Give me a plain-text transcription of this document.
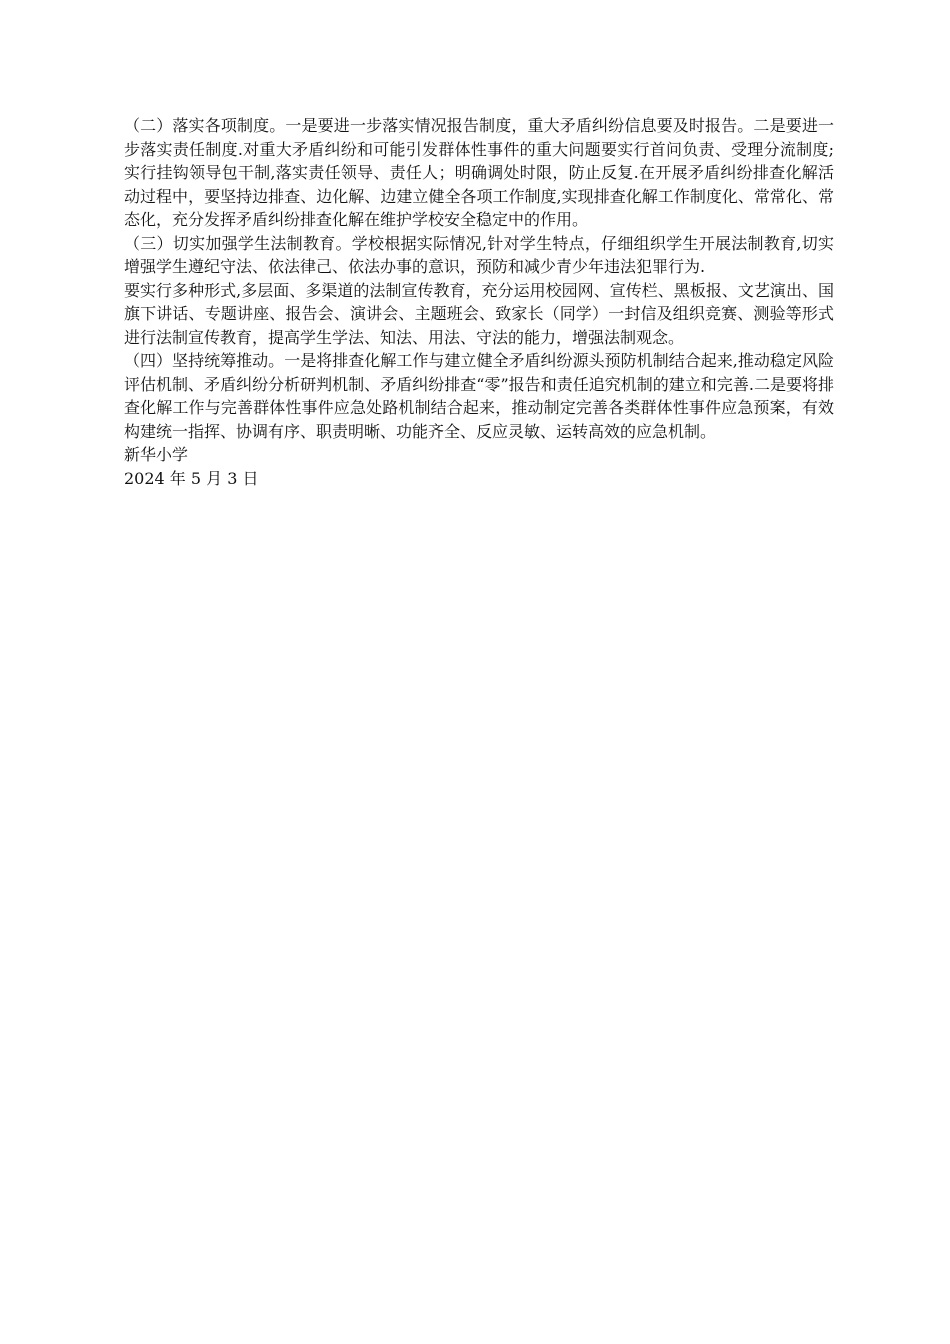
（二）落实各项制度。一是要进一步落实情况报告制度，重大矛盾纠纷信息要及时报告。二是要进一步落实责任制度.对重大矛盾纠纷和可能引发群体性事件的重大问题要实行首问负责、受理分流制度;实行挂钩领导包干制,落实责任领导、责任人；明确调处时限，防止反复.在开展矛盾纠纷排查化解活动过程中，要坚持边排查、边化解、边建立健全各项工作制度,实现排查化解工作制度化、常常化、常态化，充分发挥矛盾纠纷排查化解在维护学校安全稳定中的作用。

（三）切实加强学生法制教育。学校根据实际情况,针对学生特点，仔细组织学生开展法制教育,切实增强学生遵纪守法、依法律己、依法办事的意识，预防和减少青少年违法犯罪行为.

要实行多种形式,多层面、多渠道的法制宣传教育，充分运用校园网、宣传栏、黑板报、文艺演出、国旗下讲话、专题讲座、报告会、演讲会、主题班会、致家长（同学）一封信及组织竞赛、测验等形式进行法制宣传教育，提高学生学法、知法、用法、守法的能力，增强法制观念。

（四）坚持统筹推动。一是将排查化解工作与建立健全矛盾纠纷源头预防机制结合起来,推动稳定风险评估机制、矛盾纠纷分析研判机制、矛盾纠纷排查“零”报告和责任追究机制的建立和完善.二是要将排查化解工作与完善群体性事件应急处路机制结合起来，推动制定完善各类群体性事件应急预案，有效构建统一指挥、协调有序、职责明晰、功能齐全、反应灵敏、运转高效的应急机制。

新华小学

2024 年 5 月 3 日
